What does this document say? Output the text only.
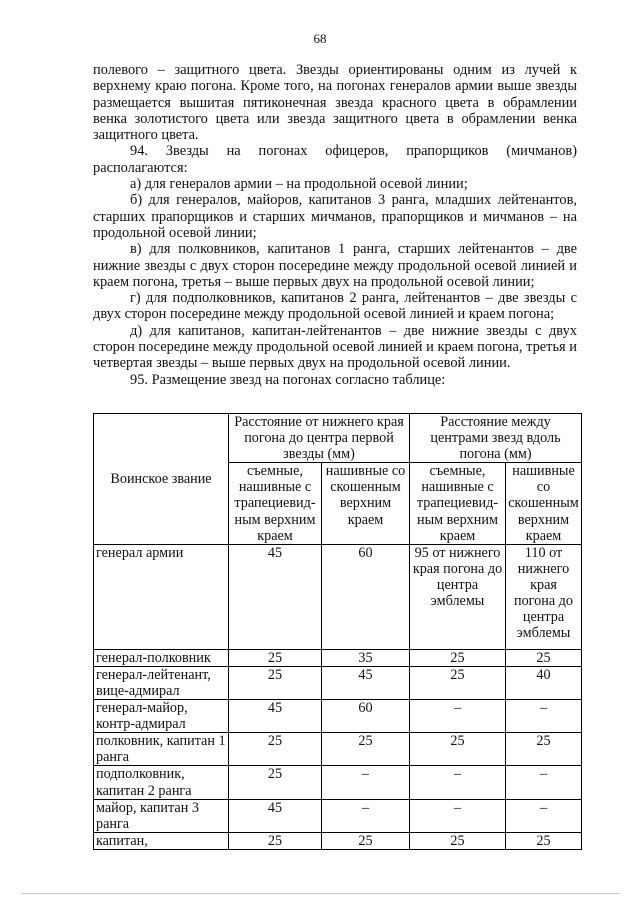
68

полевого – защитного цвета. Звезды ориентированы одним из лучей к верхнему краю погона. Кроме того, на погонах генералов армии выше звезды размещается вышитая пятиконечная звезда красного цвета в обрамлении венка золотистого цвета или звезда защитного цвета в обрамлении венка защитного цвета.

94. Звезды на погонах офицеров, прапорщиков (мичманов) располагаются:

а) для генералов армии – на продольной осевой линии;

б) для генералов, майоров, капитанов 3 ранга, младших лейтенантов, старших прапорщиков и старших мичманов, прапорщиков и мичманов – на продольной осевой линии;

в) для полковников, капитанов 1 ранга, старших лейтенантов – две нижние звезды с двух сторон посередине между продольной осевой линией и краем погона, третья – выше первых двух на продольной осевой линии;

г) для подполковников, капитанов 2 ранга, лейтенантов – две звезды с двух сторон посередине между продольной осевой линией и краем погона;

д) для капитанов, капитан-лейтенантов – две нижние звезды с двух сторон посередине между продольной осевой линией и краем погона, третья и четвертая звезды – выше первых двух на продольной осевой линии.

95. Размещение звезд на погонах согласно таблице:

Воинское звание	Расстояние от нижнего края погона до центра первой звезды (мм)		Расстояние между центрами звезд вдоль погона (мм)	
	съемные, нашивные с трапециевид-ным верхним краем	нашивные со скошенным верхним краем	съемные, нашивные с трапециевид-ным верхним краем	нашивные со скошенным верхним краем
генерал армии	45	60	95 от нижнего края погона до центра эмблемы	110 от нижнего края погона до центра эмблемы
генерал-полковник	25	35	25	25
генерал-лейтенант, вице-адмирал	25	45	25	40
генерал-майор, контр-адмирал	45	60	–	–
полковник, капитан 1 ранга	25	25	25	25
подполковник, капитан 2 ранга	25	–	–	–
майор, капитан 3 ранга	45	–	–	–
капитан,	25	25	25	25
